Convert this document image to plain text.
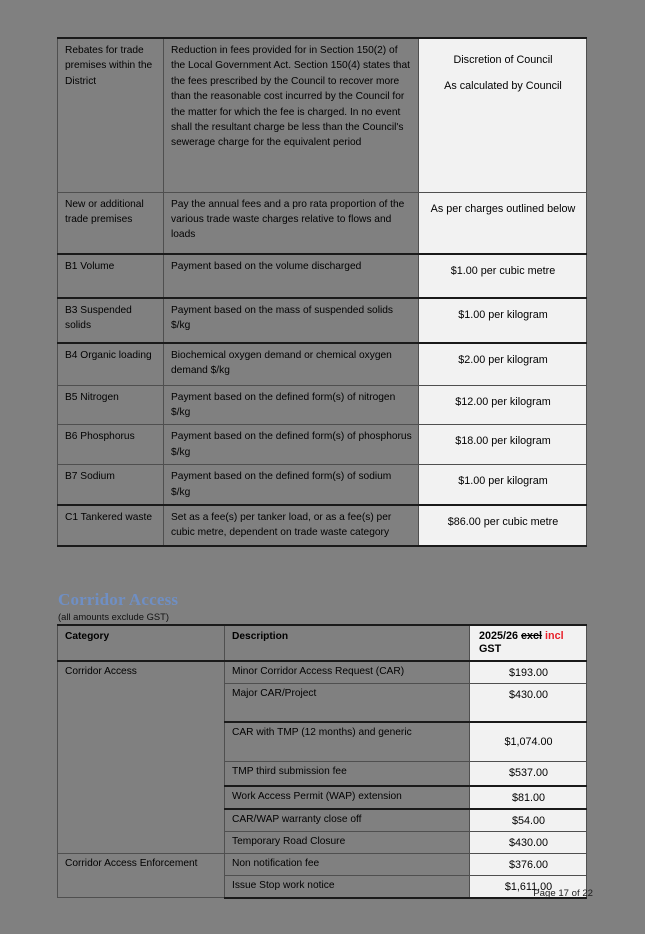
Rebates for trade premises within the District	Reduction in fees provided for in Section 150(2) of the Local Government Act. Section 150(4) states that the fees prescribed by the Council to recover more than the reasonable cost incurred by the Council for the matter for which the fee is charged. In no event shall the resultant charge be less than the Council's sewerage charge for the equivalent period	Discretion of Council
As calculated by Council

New or additional trade premises	Pay the annual fees and a pro rata proportion of the various trade waste charges relative to flows and loads	As per charges outlined below

B1 Volume	Payment based on the volume discharged	$1.00 per cubic metre

B3 Suspended solids	Payment based on the mass of suspended solids $/kg	$1.00 per kilogram

B4 Organic loading	Biochemical oxygen demand or chemical oxygen demand $/kg	$2.00 per kilogram

B5 Nitrogen	Payment based on the defined form(s) of nitrogen $/kg	$12.00 per kilogram

B6 Phosphorus	Payment based on the defined form(s) of phosphorus $/kg	$18.00 per kilogram

B7 Sodium	Payment based on the defined form(s) of sodium $/kg	$1.00 per kilogram

C1 Tankered waste	Set as a fee(s) per tanker load, or as a fee(s) per cubic metre, dependent on trade waste category	$86.00 per cubic metre
Corridor Access
(all amounts exclude GST)
Category	Description	2025/26 excl incl
GST
Corridor Access	Minor Corridor Access Request (CAR)	$193.00
	Major CAR/Project	$430.00
	CAR with TMP (12 months) and generic	$1,074.00
	TMP third submission fee	$537.00
	Work Access Permit (WAP) extension	$81.00
	CAR/WAP warranty close off	$54.00
	Temporary Road Closure	$430.00
Corridor Access Enforcement	Non notification fee	$376.00
	Issue Stop work notice	$1,611.00
Page 17 of 22
